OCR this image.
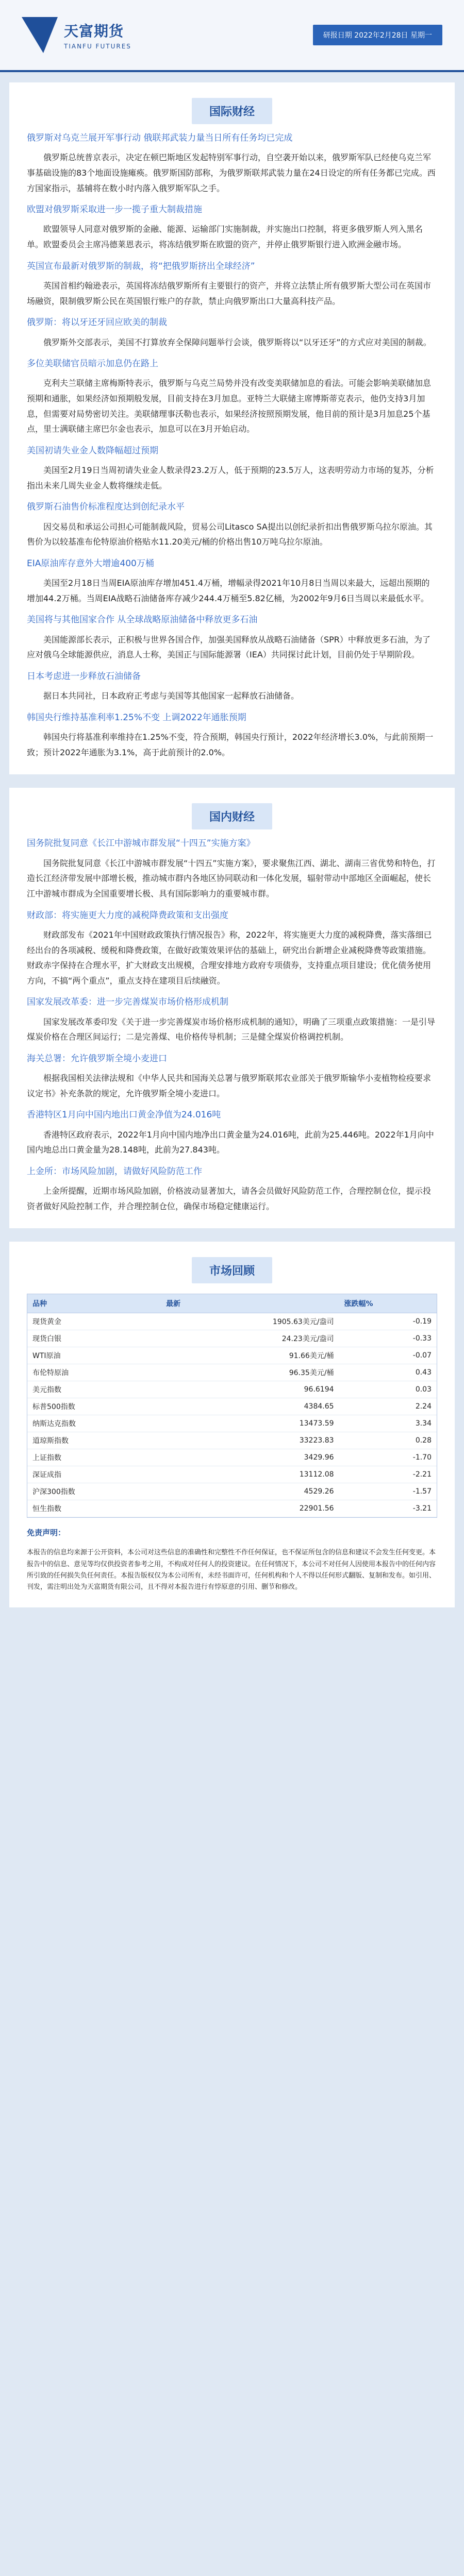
天富期货
TIANFU FUTURES
研报日期 2022年2月28日 星期一
国际财经
俄罗斯对乌克兰展开军事行动 俄联邦武装力量当日所有任务均已完成
俄罗斯总统普京表示，决定在顿巴斯地区发起特别军事行动，自空袭开始以来，俄罗斯军队已经使乌克兰军事基础设施的83个地面设施瘫痪。俄罗斯国防部称，为俄罗斯联邦武装力量在24日设定的所有任务都已完成。西方国家指示，基辅将在数小时内落入俄罗斯军队之手。
欧盟对俄罗斯采取进一步一揽子重大制裁措施
欧盟领导人同意对俄罗斯的金融、能源、运输部门实施制裁，并实施出口控制，将更多俄罗斯人列入黑名单。欧盟委员会主席冯德莱恩表示，将冻结俄罗斯在欧盟的资产，并停止俄罗斯银行进入欧洲金融市场。
英国宣布最新对俄罗斯的制裁，将“把俄罗斯挤出全球经济”
英国首相约翰逊表示，英国将冻结俄罗斯所有主要银行的资产，并将立法禁止所有俄罗斯大型公司在英国市场融资，限制俄罗斯公民在英国银行账户的存款，禁止向俄罗斯出口大量高科技产品。
俄罗斯：将以牙还牙回应欧美的制裁
俄罗斯外交部表示，美国不打算放弃全保障问题举行会谈，俄罗斯将以“以牙还牙”的方式应对美国的制裁。
多位美联储官员暗示加息仍在路上
克利夫兰联储主席梅斯特表示，俄罗斯与乌克兰局势并没有改变美联储加息的看法。可能会影响美联储加息预期和通胀，如果经济如预期般发展，目前支持在3月加息。亚特兰大联储主席博斯蒂克表示，他仍支持3月加息，但需要对局势密切关注。美联储理事沃勒也表示，如果经济按照预期发展，他目前的预计是3月加息25个基点，里士满联储主席巴尔金也表示，加息可以在3月开始启动。
美国初请失业金人数降幅超过预期
美国至2月19日当周初请失业金人数录得23.2万人，低于预期的23.5万人，这表明劳动力市场的复苏，分析指出未来几周失业金人数将继续走低。
俄罗斯石油售价标准程度达到创纪录水平
因交易员和承运公司担心可能制裁风险，贸易公司Litasco SA提出以创纪录折扣出售俄罗斯乌拉尔原油。其售价为以较基准布伦特原油价格贴水11.20美元/桶的价格出售10万吨乌拉尔原油。
EIA原油库存意外大增逾400万桶
美国至2月18日当周EIA原油库存增加451.4万桶，增幅录得2021年10月8日当周以来最大，远超出预期的增加44.2万桶。当周EIA战略石油储备库存减少244.4万桶至5.82亿桶，为2002年9月6日当周以来最低水平。
美国将与其他国家合作 从全球战略原油储备中释放更多石油
美国能源部长表示，正积极与世界各国合作，加强美国释放从战略石油储备（SPR）中释放更多石油，为了应对俄乌全球能源供应，消息人士称，美国正与国际能源署（IEA）共同探讨此计划，目前仍处于早期阶段。
日本考虑进一步释放石油储备
据日本共同社，日本政府正考虑与美国等其他国家一起释放石油储备。
韩国央行维持基准利率1.25%不变 上调2022年通胀预期
韩国央行将基准利率维持在1.25%不变，符合预期，韩国央行预计，2022年经济增长3.0%，与此前预期一致；预计2022年通胀为3.1%，高于此前预计的2.0%。
国内财经
国务院批复同意《长江中游城市群发展“十四五”实施方案》
国务院批复同意《长江中游城市群发展“十四五”实施方案》，要求聚焦江西、湖北、湖南三省优势和特色，打造长江经济带发展中部增长极，推动城市群内各地区协同联动和一体化发展，辐射带动中部地区全面崛起，使长江中游城市群成为全国重要增长极、具有国际影响力的重要城市群。
财政部：将实施更大力度的减税降费政策和支出强度
财政部发布《2021年中国财政政策执行情况报告》称，2022年，将实施更大力度的减税降费，落实落细已经出台的各项减税、缓税和降费政策，在做好政策效果评估的基础上，研究出台新增企业减税降费等政策措施。财政赤字保持在合理水平，扩大财政支出规模，合理安排地方政府专项债券，支持重点项目建设；优化债务使用方向，不搞“两个重点”，重点支持在建项目后续融资。
国家发展改革委：进一步完善煤炭市场价格形成机制
国家发展改革委印发《关于进一步完善煤炭市场价格形成机制的通知》，明确了三项重点政策措施：一是引导煤炭价格在合理区间运行；二是完善煤、电价格传导机制；三是健全煤炭价格调控机制。
海关总署：允许俄罗斯全境小麦进口
根据我国相关法律法规和《中华人民共和国海关总署与俄罗斯联邦农业部关于俄罗斯输华小麦植物检疫要求议定书》补充条款的规定，允许俄罗斯全境小麦进口。
香港特区1月向中国内地出口黄金净值为24.016吨
香港特区政府表示，2022年1月向中国内地净出口黄金量为24.016吨，此前为25.446吨。2022年1月向中国内地总出口黄金量为28.148吨，此前为27.843吨。
上金所：市场风险加剧，请做好风险防范工作
上金所提醒，近期市场风险加剧，价格波动显著加大，请各会员做好风险防范工作，合理控制仓位，提示投资者做好风险控制工作，并合理控制仓位，确保市场稳定健康运行。
市场回顾
品种	最新	涨跌幅%
现货黄金	1905.63美元/盎司	-0.19
现货白银	24.23美元/盎司	-0.33
WTI原油	91.66美元/桶	-0.07
布伦特原油	96.35美元/桶	0.43
美元指数	96.6194	0.03
标普500指数	4384.65	2.24
纳斯达克指数	13473.59	3.34
道琼斯指数	33223.83	0.28
上证指数	3429.96	-1.70
深证成指	13112.08	-2.21
沪深300指数	4529.26	-1.57
恒生指数	22901.56	-3.21
免责声明：
本报告的信息均来源于公开资料，本公司对这些信息的准确性和完整性不作任何保证，也不保证所包含的信息和建议不会发生任何变更。本报告中的信息、意见等均仅供投资者参考之用，不构成对任何人的投资建议。在任何情况下，本公司不对任何人因使用本报告中的任何内容所引致的任何损失负任何责任。本报告版权仅为本公司所有，未经书面许可，任何机构和个人不得以任何形式翻版、复制和发布。如引用、刊发，需注明出处为天富期货有限公司，且不得对本报告进行有悖原意的引用、删节和修改。
